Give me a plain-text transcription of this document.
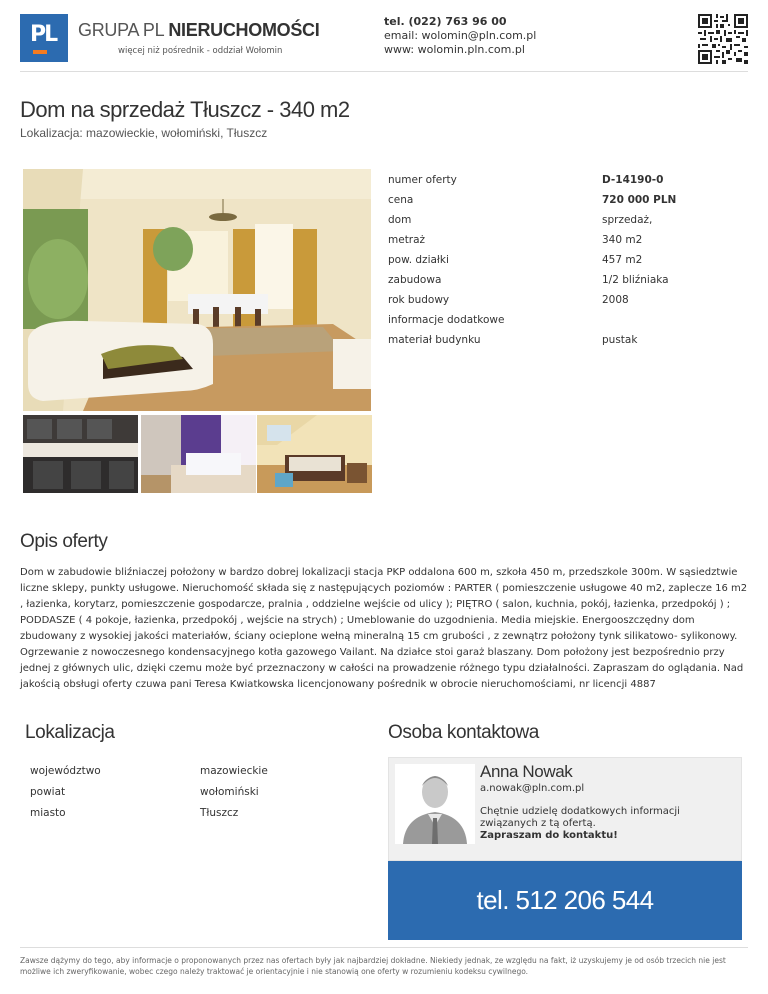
PL GRUPA PL NIERUCHOMOŚCI
więcej niż pośrednik - oddział Wołomin
tel. (022) 763 96 00
email: wolomin@pln.com.pl
www: wolomin.pln.com.pl
Dom na sprzedaż Tłuszcz - 340 m2
Lokalizacja: mazowieckie, wołomiński, Tłuszcz
numer oferty	D-14190-0
cena	720 000 PLN
dom	sprzedaż,
metraż	340 m2
pow. działki	457 m2
zabudowa	1/2 bliźniaka
rok budowy	2008
informacje dodatkowe
materiał budynku	pustak
Opis oferty

Dom w zabudowie bliźniaczej położony w bardzo dobrej lokalizacji stacja PKP oddalona 600 m, szkoła 450 m, przedszkole 300m. W sąsiedztwie liczne sklepy, punkty usługowe. Nieruchomość składa się z następujących poziomów : PARTER ( pomieszczenie usługowe 40 m2, zaplecze 16 m2 , łazienka, korytarz, pomieszczenie gospodarcze, pralnia , oddzielne wejście od ulicy ); PIĘTRO ( salon, kuchnia, pokój, łazienka, przedpokój ) ; PODDASZE ( 4 pokoje, łazienka, przedpokój , wejście na strych) ; Umeblowanie do uzgodnienia. Media miejskie. Energooszczędny dom zbudowany z wysokiej jakości materiałów, ściany ocieplone wełną mineralną 15 cm grubości , z zewnątrz położony tynk silikatowo- sylikonowy. Ogrzewanie z nowoczesnego kondensacyjnego kotła gazowego Vailant. Na działce stoi garaż blaszany. Dom położony jest bezpośrednio przy jednej z głównych ulic, dzięki czemu może być przeznaczony w całości na prowadzenie różnego typu działalności. Zapraszam do oglądania. Nad jakością obsługi oferty czuwa pani Teresa Kwiatkowska licencjonowany pośrednik w obrocie nieruchomościami, nr licencji 4887

Lokalizacja
województwo	mazowieckie
powiat	wołomiński
miasto	Tłuszcz
Osoba kontaktowa
Anna Nowak
a.nowak@pln.com.pl
Chętnie udzielę dodatkowych informacji związanych z tą ofertą.
Zapraszam do kontaktu!
tel. 512 206 544

Zawsze dążymy do tego, aby informacje o proponowanych przez nas ofertach były jak najbardziej dokładne. Niekiedy jednak, ze względu na fakt, iż uzyskujemy je od osób trzecich nie jest możliwe ich zweryfikowanie, wobec czego należy traktować je orientacyjnie i nie stanowią one oferty w rozumieniu kodeksu cywilnego.
